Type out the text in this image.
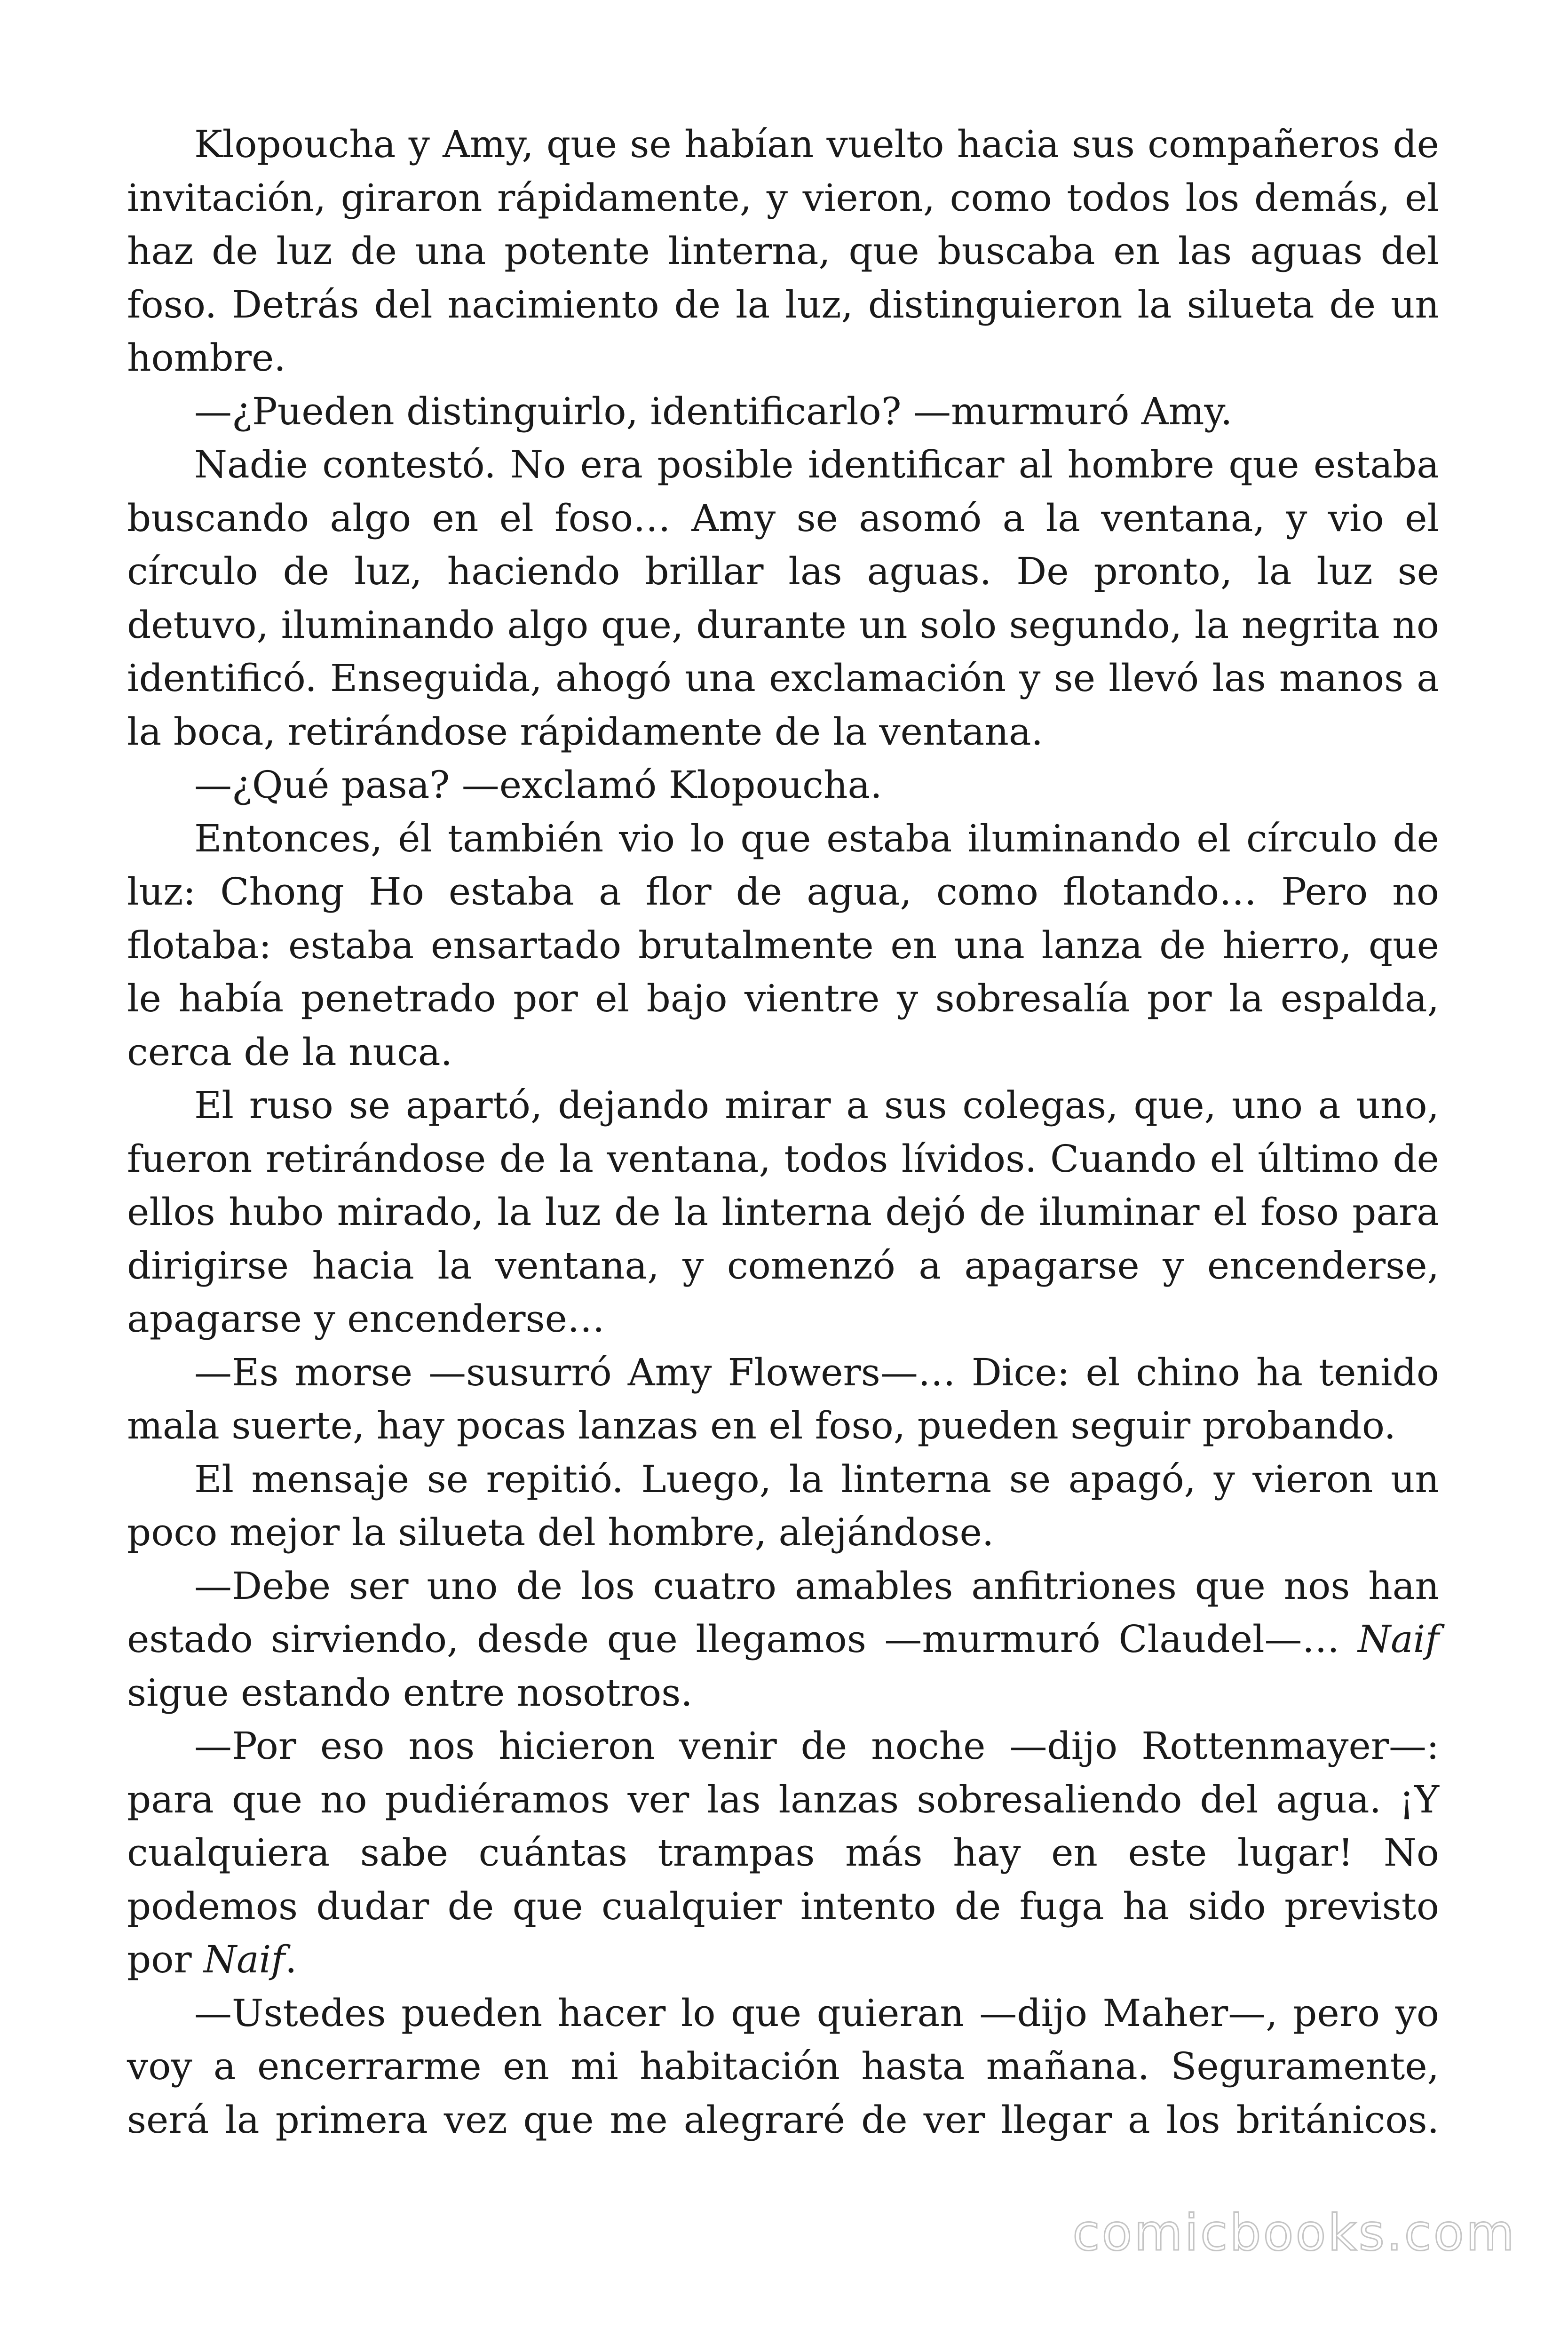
Klopoucha y Amy, que se habían vuelto hacia sus compañeros de invitación, giraron rápidamente, y vieron, como todos los demás, el haz de luz de una potente linterna, que buscaba en las aguas del foso. Detrás del nacimiento de la luz, distinguieron la silueta de un hombre.

—¿Pueden distinguirlo, identificarlo? —murmuró Amy.

Nadie contestó. No era posible identificar al hombre que estaba buscando algo en el foso… Amy se asomó a la ventana, y vio el círculo de luz, haciendo brillar las aguas. De pronto, la luz se detuvo, iluminando algo que, durante un solo segundo, la negrita no identificó. Enseguida, ahogó una exclamación y se llevó las manos a la boca, retirándose rápidamente de la ventana.

—¿Qué pasa? —exclamó Klopoucha.

Entonces, él también vio lo que estaba iluminando el círculo de luz: Chong Ho estaba a flor de agua, como flotando… Pero no flotaba: estaba ensartado brutalmente en una lanza de hierro, que le había penetrado por el bajo vientre y sobresalía por la espalda, cerca de la nuca.

El ruso se apartó, dejando mirar a sus colegas, que, uno a uno, fueron retirándose de la ventana, todos lívidos. Cuando el último de ellos hubo mirado, la luz de la linterna dejó de iluminar el foso para dirigirse hacia la ventana, y comenzó a apagarse y encenderse, apagarse y encenderse…

—Es morse —susurró Amy Flowers—… Dice: el chino ha tenido mala suerte, hay pocas lanzas en el foso, pueden seguir probando.

El mensaje se repitió. Luego, la linterna se apagó, y vieron un poco mejor la silueta del hombre, alejándose.

—Debe ser uno de los cuatro amables anfitriones que nos han estado sirviendo, desde que llegamos —murmuró Claudel—… Naif sigue estando entre nosotros.

—Por eso nos hicieron venir de noche —dijo Rottenmayer—: para que no pudiéramos ver las lanzas sobresaliendo del agua. ¡Y cualquiera sabe cuántas trampas más hay en este lugar! No podemos dudar de que cualquier intento de fuga ha sido previsto por Naif.

—Ustedes pueden hacer lo que quieran —dijo Maher—, pero yo voy a encerrarme en mi habitación hasta mañana. Seguramente, será la primera vez que me alegraré de ver llegar a los británicos.

comicbooks.com
